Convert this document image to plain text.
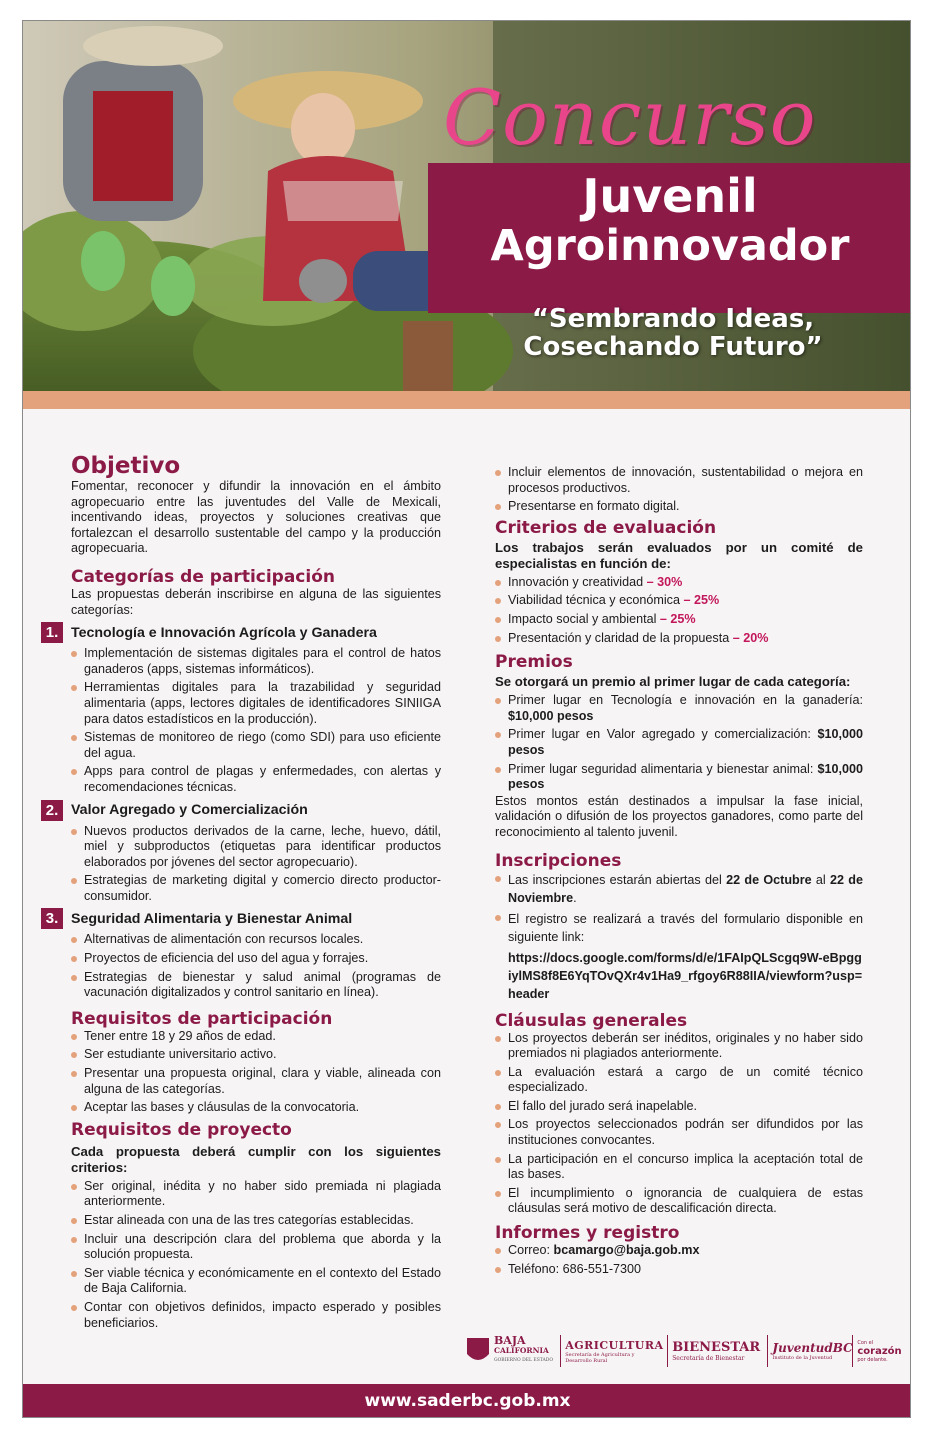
Concurso
Juvenil
Agroinnovador
“Sembrando Ideas,
Cosechando Futuro”
Objetivo

Fomentar, reconocer y difundir la innovación en el ámbito agropecuario entre las juventudes del Valle de Mexicali, incentivando ideas, proyectos y soluciones creativas que fortalezcan el desarrollo sustentable del campo y la producción agropecuaria.

Categorías de participación

Las propuestas deberán inscribirse en alguna de las siguientes categorías:

1. Tecnología e Innovación Agrícola y Ganadera
Implementación de sistemas digitales para el control de hatos ganaderos (apps, sistemas informáticos).
Herramientas digitales para la trazabilidad y seguridad alimentaria (apps, lectores digitales de identificadores SINIIGA para datos estadísticos en la producción).
Sistemas de monitoreo de riego (como SDI) para uso eficiente del agua.
Apps para control de plagas y enfermedades, con alertas y recomendaciones técnicas.
2. Valor Agregado y Comercialización
Nuevos productos derivados de la carne, leche, huevo, dátil, miel y subproductos (etiquetas para identificar productos elaborados por jóvenes del sector agropecuario).
Estrategias de marketing digital y comercio directo productor-consumidor.
3. Seguridad Alimentaria y Bienestar Animal
Alternativas de alimentación con recursos locales.
Proyectos de eficiencia del uso del agua y forrajes.
Estrategias de bienestar y salud animal (programas de vacunación digitalizados y control sanitario en línea).
Requisitos de participación
Tener entre 18 y 29 años de edad.
Ser estudiante universitario activo.
Presentar una propuesta original, clara y viable, alineada con alguna de las categorías.
Aceptar las bases y cláusulas de la convocatoria.
Requisitos de proyecto

Cada propuesta deberá cumplir con los siguientes criterios:

Ser original, inédita y no haber sido premiada ni plagiada anteriormente.
Estar alineada con una de las tres categorías establecidas.
Incluir una descripción clara del problema que aborda y la solución propuesta.
Ser viable técnica y económicamente en el contexto del Estado de Baja California.
Contar con objetivos definidos, impacto esperado y posibles beneficiarios.
Incluir elementos de innovación, sustentabilidad o mejora en procesos productivos.
Presentarse en formato digital.
Criterios de evaluación

Los trabajos serán evaluados por un comité de especialistas en función de:

Innovación y creatividad – 30%
Viabilidad técnica y económica – 25%
Impacto social y ambiental – 25%
Presentación y claridad de la propuesta – 20%
Premios

Se otorgará un premio al primer lugar de cada categoría:

Primer lugar en Tecnología e innovación en la ganadería: $10,000 pesos
Primer lugar en Valor agregado y comercialización: $10,000 pesos
Primer lugar seguridad alimentaria y bienestar animal: $10,000 pesos

Estos montos están destinados a impulsar la fase inicial, validación o difusión de los proyectos ganadores, como parte del reconocimiento al talento juvenil.

Inscripciones
Las inscripciones estarán abiertas del 22 de Octubre al 22 de Noviembre.
El registro se realizará a través del formulario disponible en siguiente link:
https://docs.google.com/forms/d/e/1FAIpQLScgq9W-eBpggiylMS8f8E6YqTOvQXr4v1Ha9_rfgoy6R88IIA/viewform?usp=header
Cláusulas generales
Los proyectos deberán ser inéditos, originales y no haber sido premiados ni plagiados anteriormente.
La evaluación estará a cargo de un comité técnico especializado.
El fallo del jurado será inapelable.
Los proyectos seleccionados podrán ser difundidos por las instituciones convocantes.
La participación en el concurso implica la aceptación total de las bases.
El incumplimiento o ignorancia de cualquiera de estas cláusulas será motivo de descalificación directa.
Informes y registro
Correo: bcamargo@baja.gob.mx
Teléfono: 686-551-7300
BAJA
CALIFORNIA
GOBIERNO DEL ESTADO
AGRICULTURA
Secretaría de Agricultura y Desarrollo Rural
BIENESTAR
Secretaría de Bienestar
JuventudBC
Instituto de la Juventud
Con el
corazón
por delante.
www.saderbc.gob.mx
